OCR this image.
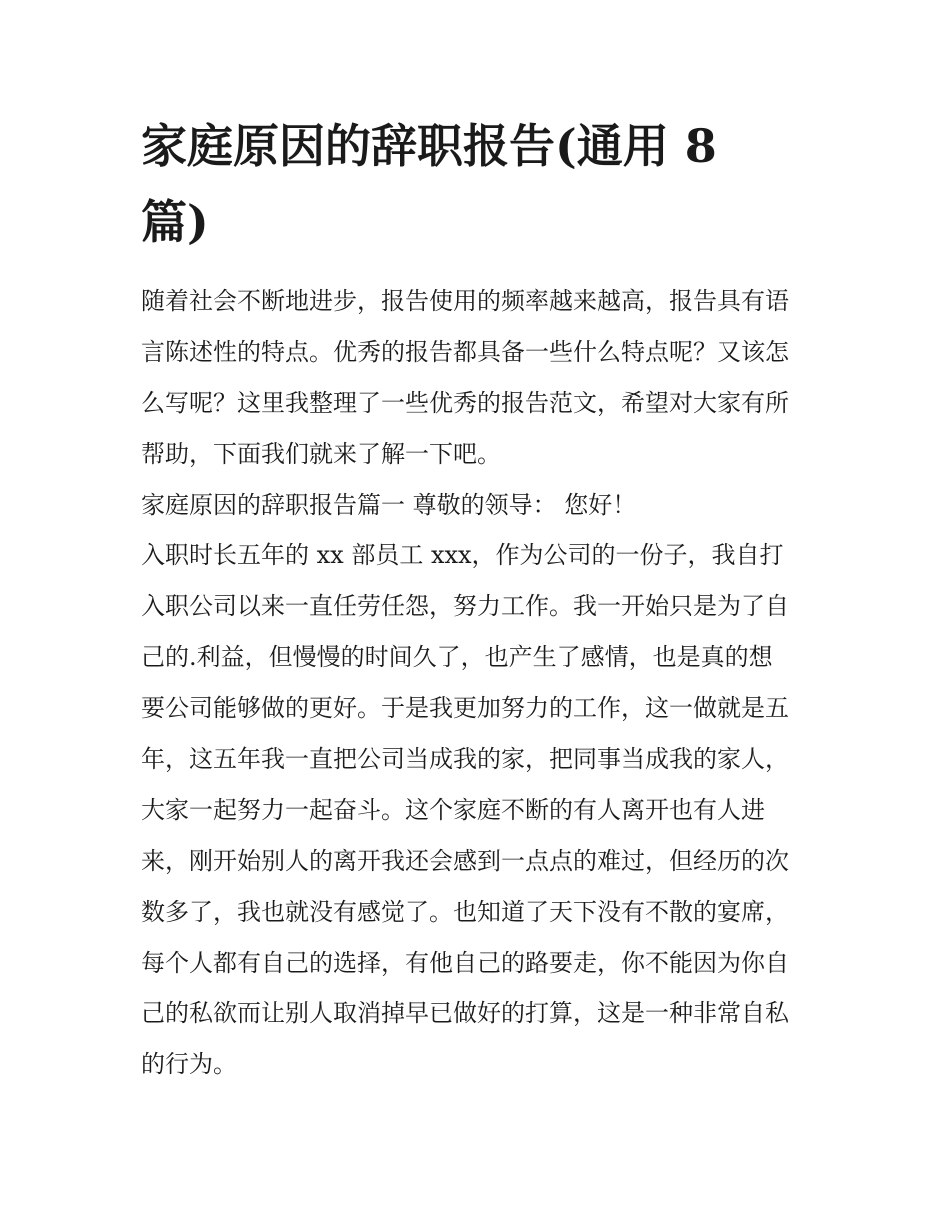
家庭原因的辞职报告(通用 8
篇)
随着社会不断地进步，报告使用的频率越来越高，报告具有语
言陈述性的特点。优秀的报告都具备一些什么特点呢？又该怎
么写呢？这里我整理了一些优秀的报告范文，希望对大家有所
帮助，下面我们就来了解一下吧。
家庭原因的辞职报告篇一 尊敬的领导： 您好！
入职时长五年的 xx 部员工 xxx，作为公司的一份子，我自打
入职公司以来一直任劳任怨，努力工作。我一开始只是为了自
己的.利益，但慢慢的时间久了，也产生了感情，也是真的想
要公司能够做的更好。于是我更加努力的工作，这一做就是五
年，这五年我一直把公司当成我的家，把同事当成我的家人，
大家一起努力一起奋斗。这个家庭不断的有人离开也有人进
来，刚开始别人的离开我还会感到一点点的难过，但经历的次
数多了，我也就没有感觉了。也知道了天下没有不散的宴席，
每个人都有自己的选择，有他自己的路要走，你不能因为你自
己的私欲而让别人取消掉早已做好的打算，这是一种非常自私
的行为。
